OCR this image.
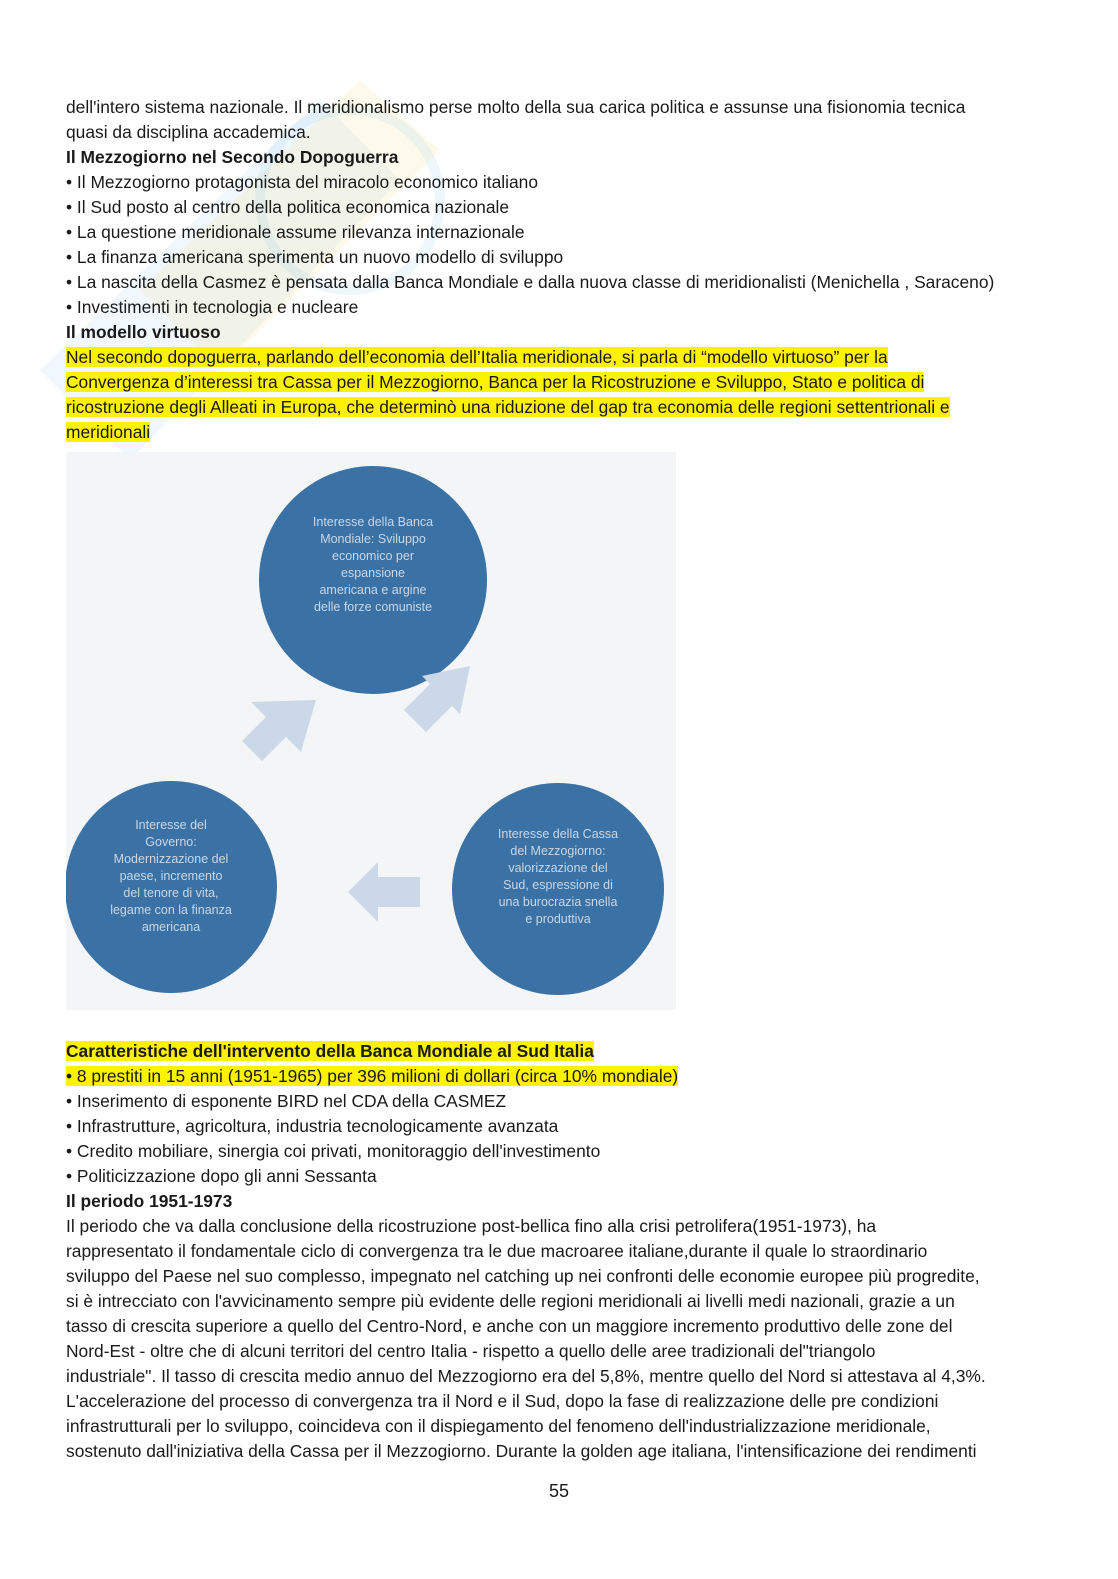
dell'intero sistema nazionale. Il meridionalismo perse molto della sua carica politica e assunse una fisionomia tecnica
quasi da disciplina accademica.
Il Mezzogiorno nel Secondo Dopoguerra
• Il Mezzogiorno protagonista del miracolo economico italiano
• Il Sud posto al centro della politica economica nazionale
• La questione meridionale assume rilevanza internazionale
• La finanza americana sperimenta un nuovo modello di sviluppo
• La nascita della Casmez è pensata dalla Banca Mondiale e dalla nuova classe di meridionalisti (Menichella , Saraceno)
• Investimenti in tecnologia e nucleare
Il modello virtuoso
Nel secondo dopoguerra, parlando dell’economia dell’Italia meridionale, si parla di “modello virtuoso” per la
Convergenza d’interessi tra Cassa per il Mezzogiorno, Banca per la Ricostruzione e Sviluppo, Stato e politica di
ricostruzione degli Alleati in Europa, che determinò una riduzione del gap tra economia delle regioni settentrionali e
meridionali
Interesse della Banca
Mondiale: Sviluppo
economico per
espansione
americana e argine
delle forze comuniste
Interesse della Cassa
del Mezzogiorno:
valorizzazione del
Sud, espressione di
una burocrazia snella
e produttiva
Interesse del
Governo:
Modernizzazione del
paese, incremento
del tenore di vita,
legame con la finanza
americana
Caratteristiche dell'intervento della Banca Mondiale al Sud Italia
• 8 prestiti in 15 anni (1951-1965) per 396 milioni di dollari (circa 10% mondiale)
• Inserimento di esponente BIRD nel CDA della CASMEZ
• Infrastrutture, agricoltura, industria tecnologicamente avanzata
• Credito mobiliare, sinergia coi privati, monitoraggio dell'investimento
• Politicizzazione dopo gli anni Sessanta
Il periodo 1951-1973
Il periodo che va dalla conclusione della ricostruzione post-bellica fino alla crisi petrolifera(1951-1973), ha
rappresentato il fondamentale ciclo di convergenza tra le due macroaree italiane,durante il quale lo straordinario
sviluppo del Paese nel suo complesso, impegnato nel catching up nei confronti delle economie europee più progredite,
si è intrecciato con l'avvicinamento sempre più evidente delle regioni meridionali ai livelli medi nazionali, grazie a un
tasso di crescita superiore a quello del Centro-Nord, e anche con un maggiore incremento produttivo delle zone del
Nord-Est - oltre che di alcuni territori del centro Italia - rispetto a quello delle aree tradizionali del"triangolo
industriale". Il tasso di crescita medio annuo del Mezzogiorno era del 5,8%, mentre quello del Nord si attestava al 4,3%.
L'accelerazione del processo di convergenza tra il Nord e il Sud, dopo la fase di realizzazione delle pre condizioni
infrastrutturali per lo sviluppo, coincideva con il dispiegamento del fenomeno dell'industrializzazione meridionale,
sostenuto dall'iniziativa della Cassa per il Mezzogiorno. Durante la golden age italiana, l'intensificazione dei rendimenti
55
